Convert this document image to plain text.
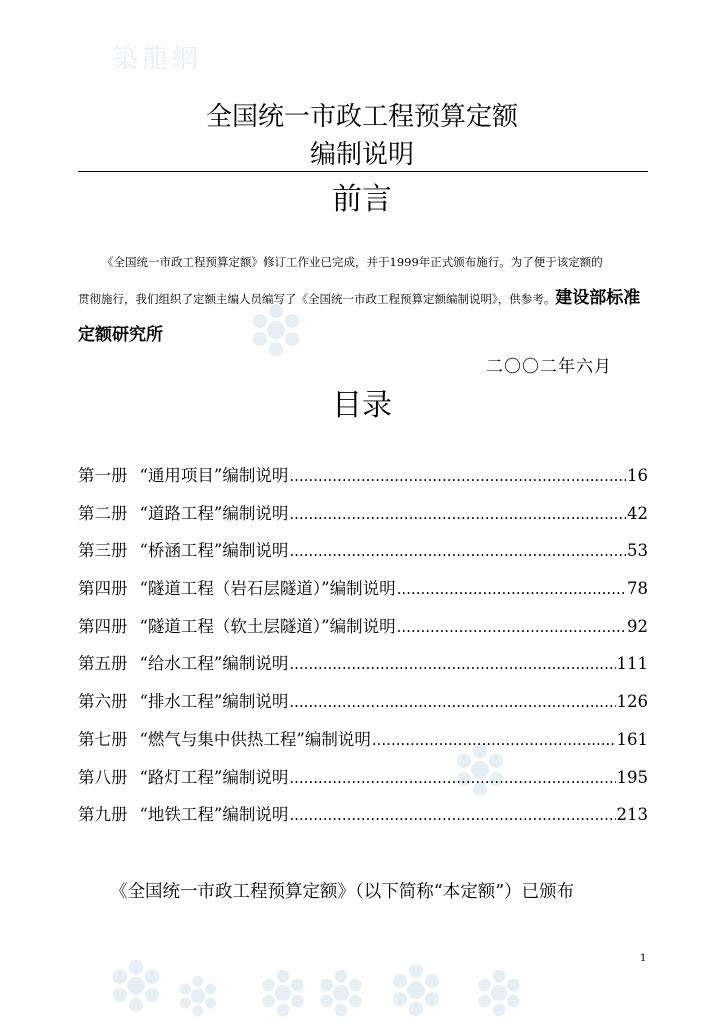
築龍網
全国统一市政工程预算定额
编制说明
前言
《全国统一市政工程预算定额》修订工作业已完成，并于1999年正式颁布施行。为了便于该定额的
贯彻施行，我们组织了定额主编人员编写了《全国统一市政工程预算定额编制说明》，供参考。建设部标准定额研究所
二〇〇二年六月
目录
第一册 “通用项目”编制说明 .....	16
第二册 “道路工程”编制说明 .....	42
第三册 “桥涵工程”编制说明 .....	53
第四册 “隧道工程（岩石层隧道）”编制说明 .....	78
第四册 “隧道工程（软土层隧道）”编制说明 .....	92
第五册 “给水工程”编制说明 .....	111
第六册 “排水工程”编制说明 .....	126
第七册 “燃气与集中供热工程”编制说明 .....	161
第八册 “路灯工程”编制说明 .....	195
第九册 “地铁工程”编制说明 .....	213
《全国统一市政工程预算定额》（以下简称“本定额”）已颁布
1
